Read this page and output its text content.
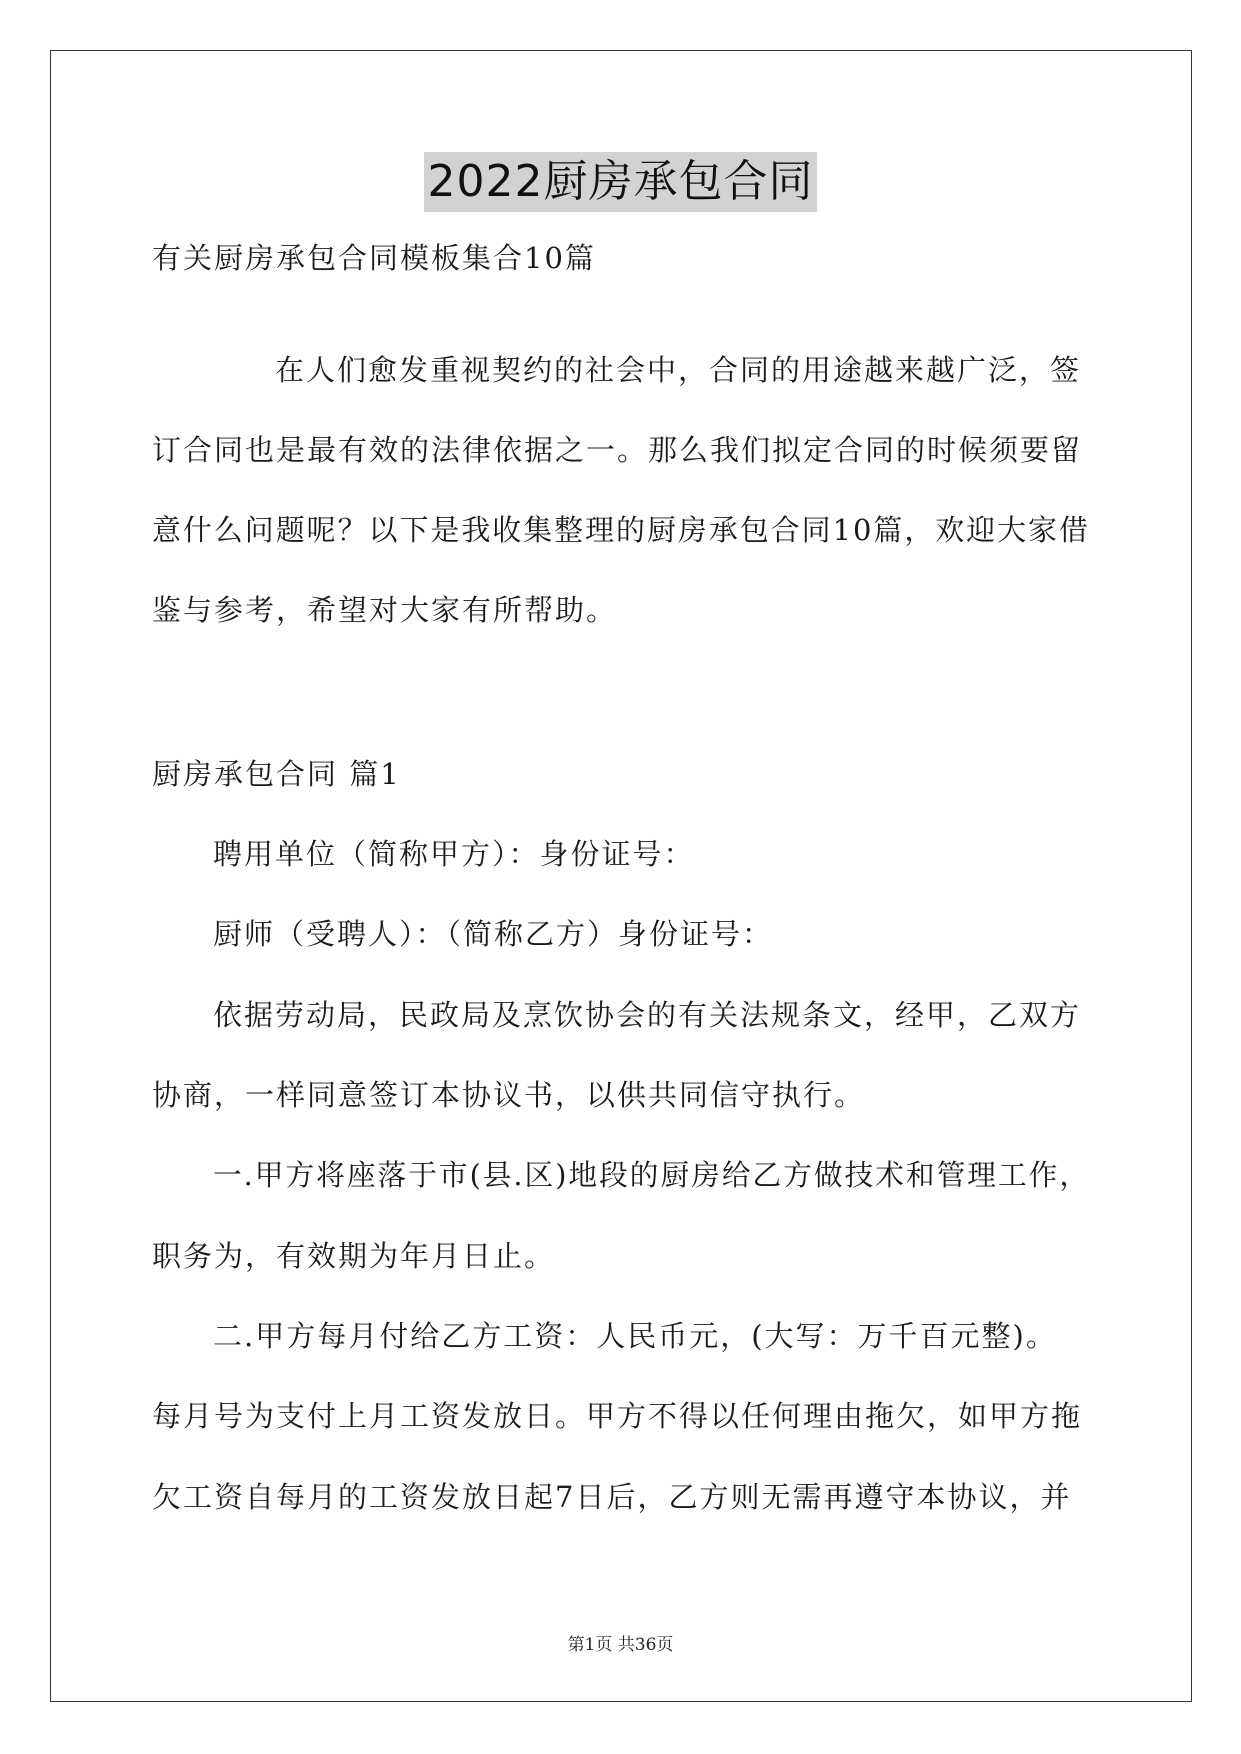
2022厨房承包合同
有关厨房承包合同模板集合10篇
在人们愈发重视契约的社会中，合同的用途越来越广泛，签
订合同也是最有效的法律依据之一。那么我们拟定合同的时候须要留
意什么问题呢？以下是我收集整理的厨房承包合同10篇，欢迎大家借
鉴与参考，希望对大家有所帮助。
厨房承包合同 篇1
聘用单位（简称甲方）：身份证号：
厨师（受聘人）：（简称乙方）身份证号：
依据劳动局，民政局及烹饮协会的有关法规条文，经甲，乙双方
协商，一样同意签订本协议书，以供共同信守执行。
一.甲方将座落于市(县.区)地段的厨房给乙方做技术和管理工作，
职务为，有效期为年月日止。
二.甲方每月付给乙方工资：人民币元，(大写：万千百元整)。
每月号为支付上月工资发放日。甲方不得以任何理由拖欠，如甲方拖
欠工资自每月的工资发放日起7日后，乙方则无需再遵守本协议，并
第1页 共36页
